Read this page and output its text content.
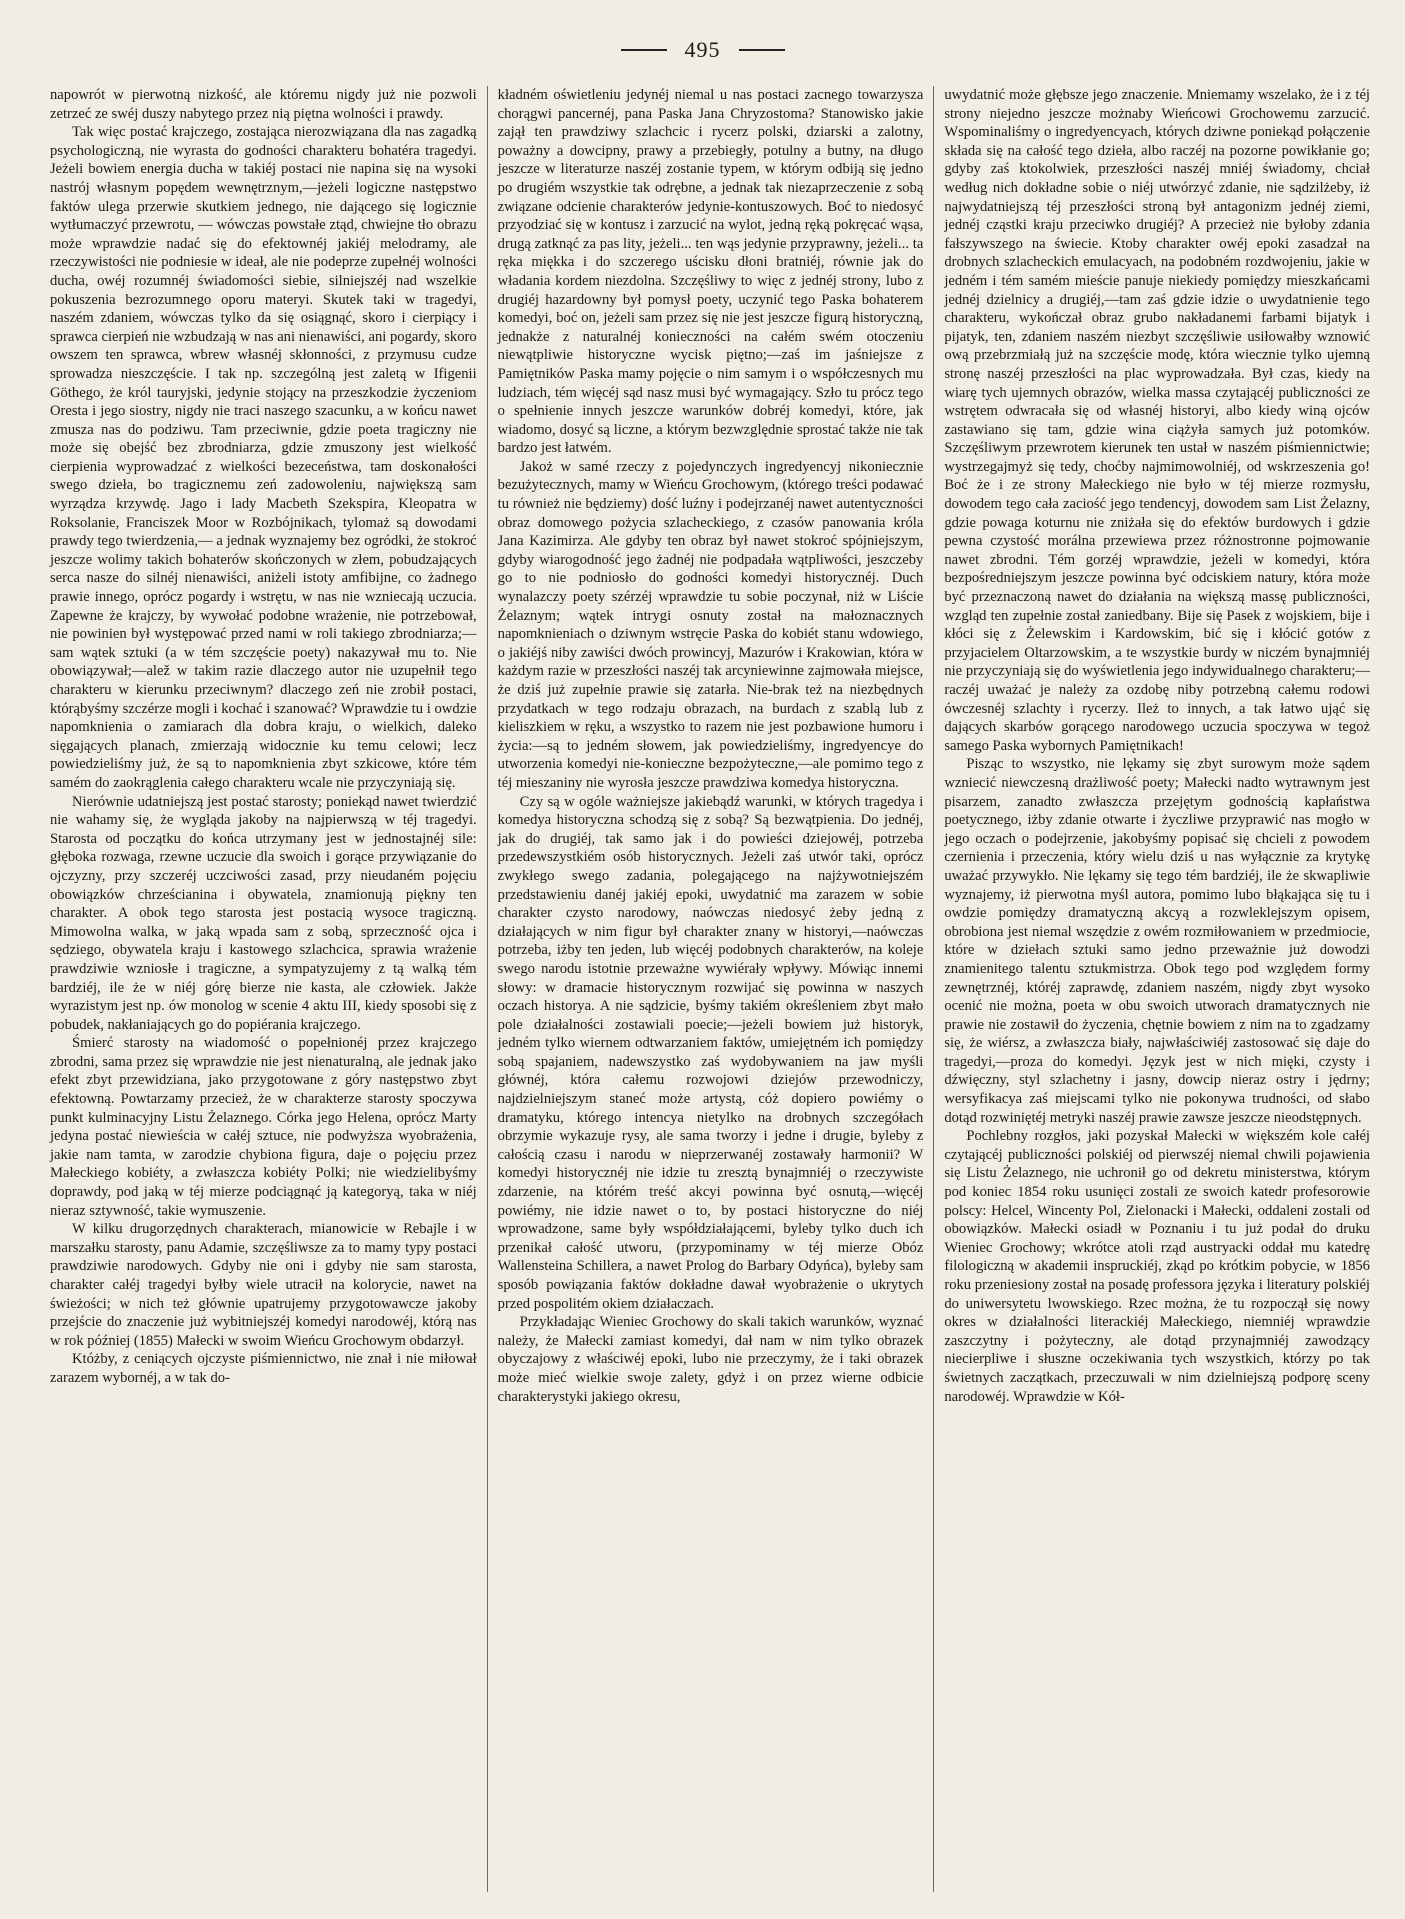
495

napowrót w pierwotną nizkość, ale któremu nigdy już nie pozwoli zetrzeć ze swéj duszy nabytego przez nią piętna wolności i prawdy.

Tak więc postać krajczego, zostająca nierozwiązana dla nas zagadką psychologiczną, nie wyrasta do godności charakteru bohatéra tragedyi. Jeżeli bowiem energia ducha w takiéj postaci nie napina się na wysoki nastrój własnym popędem wewnętrznym,—jeżeli logiczne następstwo faktów ulega przerwie skutkiem jednego, nie dającego się logicznie wytłumaczyć przewrotu, — wówczas powstałe ztąd, chwiejne tło obrazu może wprawdzie nadać się do efektownéj jakiéj melodramy, ale rzeczywistości nie podniesie w ideał, ale nie podeprze zupełnéj wolności ducha, owéj rozumnéj świadomości siebie, silniejszéj nad wszelkie pokuszenia bezrozumnego oporu materyi. Skutek taki w tragedyi, naszém zdaniem, wówczas tylko da się osiągnąć, skoro i cierpiący i sprawca cierpień nie wzbudzają w nas ani nienawiści, ani pogardy, skoro owszem ten sprawca, wbrew własnéj skłonności, z przymusu cudze sprowadza nieszczęście. I tak np. szczególną jest zaletą w Ifigenii Göthego, że król tauryjski, jedynie stojący na przeszkodzie życzeniom Oresta i jego siostry, nigdy nie traci naszego szacunku, a w końcu nawet zmusza nas do podziwu. Tam przeciwnie, gdzie poeta tragiczny nie może się obejść bez zbrodniarza, gdzie zmuszony jest wielkość cierpienia wyprowadzać z wielkości bezeceństwa, tam doskonałości swego dzieła, bo tragicznemu zeń zadowoleniu, największą sam wyrządza krzywdę. Jago i lady Macbeth Szekspira, Kleopatra w Roksolanie, Franciszek Moor w Rozbójnikach, tylomaż są dowodami prawdy tego twierdzenia,— a jednak wyznajemy bez ogródki, że stokroć jeszcze wolimy takich bohaterów skończonych w złem, pobudzających serca nasze do silnéj nienawiści, aniżeli istoty amfibijne, co żadnego prawie innego, oprócz pogardy i wstrętu, w nas nie wzniecają uczucia. Zapewne że krajczy, by wywołać podobne wrażenie, nie potrzebował, nie powinien był występować przed nami w roli takiego zbrodniarza;—sam wątek sztuki (a w tém szczęście poety) nakazywał mu to. Nie obowiązywał;—alež w takim razie dlaczego autor nie uzupełnił tego charakteru w kierunku przeciwnym? dlaczego zeń nie zrobił postaci, którąbyśmy szczérze mogli i kochać i szanować? Wprawdzie tu i owdzie napomknienia o zamiarach dla dobra kraju, o wielkich, daleko sięgających planach, zmierzają widocznie ku temu celowi; lecz powiedzieliśmy już, że są to napomknienia zbyt szkicowe, które tém samém do zaokrąglenia całego charakteru wcale nie przyczyniają się.

Nierównie udatniejszą jest postać starosty; poniekąd nawet twierdzić nie wahamy się, że wygląda jakoby na najpierwszą w téj tragedyi. Starosta od początku do końca utrzymany jest w jednostajnéj sile: głęboka rozwaga, rzewne uczucie dla swoich i gorące przywiązanie do ojczyzny, przy szczeréj uczciwości zasad, przy nieudaném pojęciu obowiązków chrześcianina i obywatela, znamionują piękny ten charakter. A obok tego starosta jest postacią wysoce tragiczną. Mimowolna walka, w jaką wpada sam z sobą, sprzeczność ojca i sędziego, obywatela kraju i kastowego szlachcica, sprawia wrażenie prawdziwie wzniosłe i tragiczne, a sympatyzujemy z tą walką tém bardziéj, ile że w niéj górę bierze nie kasta, ale człowiek. Jakże wyrazistym jest np. ów monolog w scenie 4 aktu III, kiedy sposobi się z pobudek, nakłaniających go do popiérania krajczego.

Śmierć starosty na wiadomość o popełnionéj przez krajczego zbrodni, sama przez się wprawdzie nie jest nienaturalną, ale jednak jako efekt zbyt przewidziana, jako przygotowane z góry następstwo zbyt efektowną. Powtarzamy przecież, że w charakterze starosty spoczywa punkt kulminacyjny Listu Żelaznego. Córka jego Helena, oprócz Marty jedyna postać niewieścia w całéj sztuce, nie podwyższa wyobrażenia, jakie nam tamta, w zarodzie chybiona figura, daje o pojęciu przez Małeckiego kobiéty, a zwłaszcza kobiéty Polki; nie wiedzielibyśmy doprawdy, pod jaką w téj mierze podciągnąć ją kategoryą, taka w niéj nieraz sztywność, takie wymuszenie.

W kilku drugorzędnych charakterach, mianowicie w Rebajle i w marszałku starosty, panu Adamie, szczęśliwsze za to mamy typy postaci prawdziwie narodowych. Gdyby nie oni i gdyby nie sam starosta, charakter całéj tragedyi byłby wiele utracił na kolorycie, nawet na świeżości; w nich też głównie upatrujemy przygotowawcze jakoby przejście do znaczenie już wybitniejszéj komedyi narodowéj, którą nas w rok później (1855) Małecki w swoim Wieńcu Grochowym obdarzył.

Któżby, z ceniących ojczyste piśmiennictwo, nie znał i nie miłował zarazem wybornéj, a w tak do-

kładném oświetleniu jedynéj niemal u nas postaci zacnego towarzysza chorągwi pancernéj, pana Paska Jana Chryzostoma? Stanowisko jakie zajął ten prawdziwy szlachcic i rycerz polski, dziarski a zalotny, poważny a dowcipny, prawy a przebiegły, potulny a butny, na długo jeszcze w literaturze naszéj zostanie typem, w którym odbiją się jedno po drugiém wszystkie tak odrębne, a jednak tak niezaprzeczenie z sobą związane odcienie charakterów jedynie-kontuszowych. Boć to niedosyć przyodziać się w kontusz i zarzucić na wylot, jedną ręką pokręcać wąsa, drugą zatknąć za pas lity, jeżeli... ten wąs jedynie przyprawny, jeżeli... ta ręka miękka i do szczerego uścisku dłoni bratniéj, równie jak do władania kordem niezdolna. Szczęśliwy to więc z jednéj strony, lubo z drugiéj hazardowny był pomysł poety, uczynić tego Paska bohaterem komedyi, boć on, jeżeli sam przez się nie jest jeszcze figurą historyczną, jednakże z naturalnéj konieczności na całém swém otoczeniu niewątpliwie historyczne wycisk piętno;—zaś im jaśniejsze z Pamiętników Paska mamy pojęcie o nim samym i o współczesnych mu ludziach, tém więcéj sąd nasz musi być wymagający. Szło tu prócz tego o spełnienie innych jeszcze warunków dobréj komedyi, które, jak wiadomo, dosyć są liczne, a którym bezwzględnie sprostać także nie tak bardzo jest łatwém.

Jakoż w samé rzeczy z pojedynczych ingredyencyj nikoniecznie bezużytecznych, mamy w Wieńcu Grochowym, (którego treści podawać tu również nie będziemy) dość luźny i podejrzanéj nawet autentyczności obraz domowego pożycia szlacheckiego, z czasów panowania króla Jana Kazimirza. Ale gdyby ten obraz był nawet stokroć spójniejszym, gdyby wiarogodność jego żadnéj nie podpadała wątpliwości, jeszczeby go to nie podniosło do godności komedyi historycznéj. Duch wynalazczy poety szérzéj wprawdzie tu sobie poczynał, niż w Liście Żelaznym; wątek intrygi osnuty został na małoznacznych napomknieniach o dziwnym wstręcie Paska do kobiét stanu wdowiego, o jakiéjś niby zawiści dwóch prowincyj, Mazurów i Krakowian, która w każdym razie w przeszłości naszéj tak arcyniewinne zajmowała miejsce, że dziś już zupełnie prawie się zatarła. Nie-brak też na niezbędnych przydatkach w tego rodzaju obrazach, na burdach z szablą lub z kieliszkiem w ręku, a wszystko to razem nie jest pozbawione humoru i życia:—są to jedném słowem, jak powiedzieliśmy, ingredyencye do utworzenia komedyi nie-konieczne bezpożyteczne,—ale pomimo tego z téj mieszaniny nie wyrosła jeszcze prawdziwa komedya historyczna.

Czy są w ogóle ważniejsze jakiebądź warunki, w których tragedya i komedya historyczna schodzą się z sobą? Są bezwątpienia. Do jednéj, jak do drugiéj, tak samo jak i do powieści dziejowéj, potrzeba przedewszystkiém osób historycznych. Jeżeli zaś utwór taki, oprócz zwykłego swego zadania, polegającego na najżywotniejszém przedstawieniu danéj jakiéj epoki, uwydatnić ma zarazem w sobie charakter czysto narodowy, naówczas niedosyć żeby jedną z działających w nim figur był charakter znany w historyi,—naówczas potrzeba, iżby ten jeden, lub więcéj podobnych charakterów, na koleje swego narodu istotnie przeważne wywiérały wpływy. Mówiąc innemi słowy: w dramacie historycznym rozwijać się powinna w naszych oczach historya. A nie sądzicie, byśmy takiém określeniem zbyt mało pole działalności zostawiali poecie;—jeżeli bowiem już historyk, jedném tylko wiernem odtwarzaniem faktów, umiejętném ich pomiędzy sobą spajaniem, nadewszystko zaś wydobywaniem na jaw myśli głównéj, która całemu rozwojowi dziejów przewodniczy, najdzielniejszym staneć może artystą, cóż dopiero powiémy o dramatyku, którego intencya nietylko na drobnych szczegółach obrzymie wykazuje rysy, ale sama tworzy i jedne i drugie, byleby z całością czasu i narodu w nieprzerwanéj zostawały harmonii? W komedyi historycznéj nie idzie tu zresztą bynajmniéj o rzeczywiste zdarzenie, na którém treść akcyi powinna być osnutą,—więcéj powiémy, nie idzie nawet o to, by postaci historyczne do niéj wprowadzone, same były współdziałającemi, byleby tylko duch ich przenikał całość utworu, (przypominamy w téj mierze Obóz Wallensteina Schillera, a nawet Prolog do Barbary Odyńca), byleby sam sposób powiązania faktów dokładne dawał wyobrażenie o ukrytych przed pospolitém okiem działaczach.

Przykładając Wieniec Grochowy do skali takich warunków, wyznać należy, że Małecki zamiast komedyi, dał nam w nim tylko obrazek obyczajowy z właściwéj epoki, lubo nie przeczymy, że i taki obrazek może mieć wielkie swoje zalety, gdyż i on przez wierne odbicie charakterystyki jakiego okresu,

uwydatnić może głębsze jego znaczenie. Mniemamy wszelako, że i z téj strony niejedno jeszcze możnaby Wieńcowi Grochowemu zarzucić. Wspominaliśmy o ingredyencyach, których dziwne poniekąd połączenie składa się na całość tego dzieła, albo raczéj na pozorne powikłanie go; gdyby zaś ktokolwiek, przeszłości naszéj mniéj świadomy, chciał według nich dokładne sobie o niéj utwórzyć zdanie, nie sądzilżeby, iż najwydatniejszą téj przeszłości stroną był antagonizm jednéj ziemi, jednéj cząstki kraju przeciwko drugiéj? A przecież nie byłoby zdania fałszywszego na świecie. Ktoby charakter owéj epoki zasadzał na drobnych szlacheckich emulacyach, na podobném rozdwojeniu, jakie w jedném i tém samém mieście panuje niekiedy pomiędzy mieszkańcami jednéj dzielnicy a drugiéj,—tam zaś gdzie idzie o uwydatnienie tego charakteru, wykończał obraz grubo nakładanemi farbami bijatyk i pijatyk, ten, zdaniem naszém niezbyt szczęśliwie usiłowałby wznowić ową przebrzmiałą już na szczęście modę, która wiecznie tylko ujemną stronę naszéj przeszłości na plac wyprowadzała. Był czas, kiedy na wiarę tych ujemnych obrazów, wielka massa czytającéj publiczności ze wstrętem odwracała się od własnéj historyi, albo kiedy winą ojców zastawiano się tam, gdzie wina ciążyła samych już potomków. Szczęśliwym przewrotem kierunek ten ustał w naszém piśmiennictwie; wystrzegajmyż się tedy, choćby najmimowolniéj, od wskrzeszenia go! Boć że i ze strony Małeckiego nie było w téj mierze rozmysłu, dowodem tego cała zaciość jego tendencyj, dowodem sam List Żelazny, gdzie powaga koturnu nie zniżała się do efektów burdowych i gdzie pewna czystość morálna przewiewa przez różnostronne pojmowanie nawet zbrodni. Tém gorzéj wprawdzie, jeżeli w komedyi, która bezpośredniejszym jeszcze powinna być odciskiem natury, która może być przeznaczoną nawet do działania na większą massę publiczności, wzgląd ten zupełnie został zaniedbany. Bije się Pasek z wojskiem, bije i kłóci się z Żelewskim i Kardowskim, bić się i kłócić gotów z przyjacielem Oltarzowskim, a te wszystkie burdy w niczém bynajmniéj nie przyczyniają się do wyświetlenia jego indywidualnego charakteru;—raczéj uważać je należy za ozdobę niby potrzebną całemu rodowi ówczesnéj szlachty i rycerzy. Ileż to innych, a tak łatwo ująć się dających skarbów gorącego narodowego uczucia spoczywa w tegoż samego Paska wybornych Pamiętnikach!

Pisząc to wszystko, nie lękamy się zbyt surowym może sądem wzniecić niewczesną drażliwość poety; Małecki nadto wytrawnym jest pisarzem, zanadto zwłaszcza przejętym godnością kapłaństwa poetycznego, iżby zdanie otwarte i życzliwe przyprawić nas mogło w jego oczach o podejrzenie, jakobyśmy popisać się chcieli z powodem czernienia i przeczenia, który wielu dziś u nas wyłącznie za krytykę uważać przywykło. Nie lękamy się tego tém bardziéj, ile że skwapliwie wyznajemy, iż pierwotna myśl autora, pomimo lubo błąkająca się tu i owdzie pomiędzy dramatyczną akcyą a rozwleklejszym opisem, obrobiona jest niemal wszędzie z owém rozmiłowaniem w przedmiocie, które w dziełach sztuki samo jedno przeważnie już dowodzi znamienitego talentu sztukmistrza. Obok tego pod względem formy zewnętrznéj, któréj zaprawdę, zdaniem naszém, nigdy zbyt wysoko ocenić nie można, poeta w obu swoich utworach dramatycznych nie prawie nie zostawił do życzenia, chętnie bowiem z nim na to zgadzamy się, że wiérsz, a zwłaszcza biały, najwłaściwiéj zastosować się daje do tragedyi,—proza do komedyi. Język jest w nich mięki, czysty i dźwięczny, styl szlachetny i jasny, dowcip nieraz ostry i jędrny; wersyfikacya zaś miejscami tylko nie pokonywa trudności, od słabo dotąd rozwiniętéj metryki naszéj prawie zawsze jeszcze nieodstępnych.

Pochlebny rozgłos, jaki pozyskał Małecki w większém kole całéj czytającéj publiczności polskiéj od pierwszéj niemal chwili pojawienia się Listu Żelaznego, nie uchronił go od dekretu ministerstwa, którym pod koniec 1854 roku usunięci zostali ze swoich katedr profesorowie polscy: Helcel, Wincenty Pol, Zielonacki i Małecki, oddaleni zostali od obowiązków. Małecki osiadł w Poznaniu i tu już podał do druku Wieniec Grochowy; wkrótce atoli rząd austryacki oddał mu katedrę filologiczną w akademii inspruckiéj, zkąd po krótkim pobycie, w 1856 roku przeniesiony został na posadę professora języka i literatury polskiéj do uniwersytetu lwowskiego. Rzec można, że tu rozpoczął się nowy okres w działalności literackiéj Małeckiego, niemniéj wprawdzie zaszczytny i pożyteczny, ale dotąd przynajmniéj zawodzący niecierpliwe i słuszne oczekiwania tych wszystkich, którzy po tak świetnych zaczątkach, przeczuwali w nim dzielniejszą podporę sceny narodowéj. Wprawdzie w Kół-
